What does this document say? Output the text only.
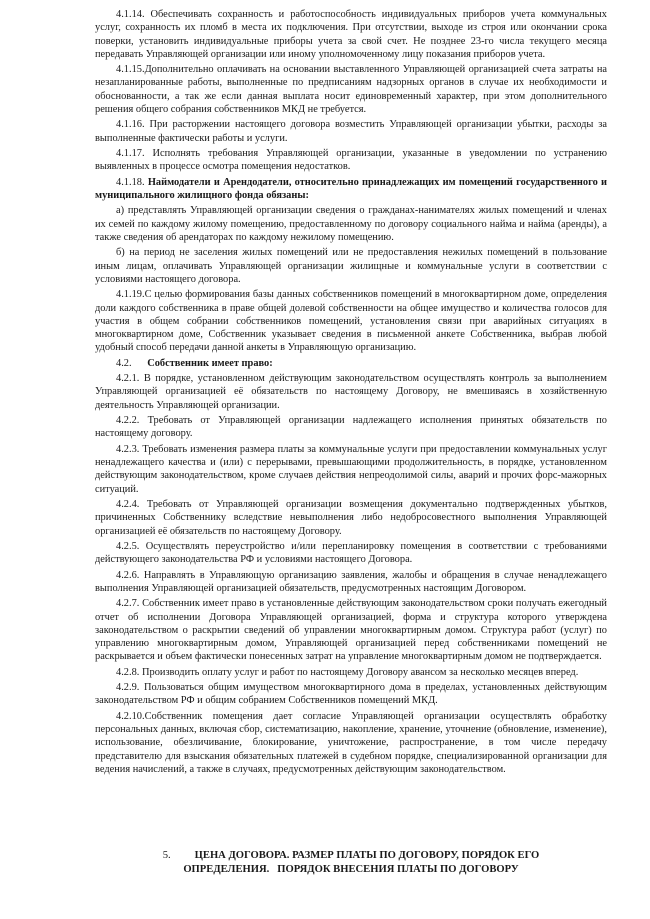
4.1.14. Обеспечивать сохранность и работоспособность индивидуальных приборов учета коммунальных услуг, сохранность их пломб в места их подключения. При отсутствии, выходе из строя или окончании срока поверки, установить индивидуальные приборы учета за свой счет. Не позднее 23-го числа текущего месяца передавать Управляющей организации или иному уполномоченному лицу показания приборов учета.

4.1.15.Дополнительно оплачивать на основании выставленного Управляющей организацией счета затраты на незапланированные работы, выполненные по предписаниям надзорных органов в случае их необходимости и обоснованности, а так же если данная выплата носит единовременный характер, при этом дополнительного решения общего собрания собственников МКД не требуется.

4.1.16. При расторжении настоящего договора возместить Управляющей организации убытки, расходы за выполненные фактически работы и услуги.

4.1.17. Исполнять требования Управляющей организации, указанные в уведомлении по устранению выявленных в процессе осмотра помещения недостатков.

4.1.18. Наймодатели и Арендодатели, относительно принадлежащих им помещений государственного и муниципального жилищного фонда обязаны:

а) представлять Управляющей организации сведения о гражданах-нанимателях жилых помещений и членах их семей по каждому жилому помещению, предоставленному по договору социального найма и найма (аренды), а также сведения об арендаторах по каждому нежилому помещению.

б) на период не заселения жилых помещений или не предоставления нежилых помещений в пользование иным лицам, оплачивать Управляющей организации жилищные и коммунальные услуги в соответствии с условиями настоящего договора.

4.1.19.С целью формирования базы данных собственников помещений в многоквартирном доме, определения доли каждого собственника в праве общей долевой собственности на общее имущество и количества голосов для участия в общем собрании собственников помещений, установления связи при аварийных ситуациях в многоквартирном доме, Собственник указывает сведения в письменной анкете Собственника, выбрав любой удобный способ передачи данной анкеты в Управляющую организацию.

4.2. Собственник имеет право:

4.2.1. В порядке, установленном действующим законодательством осуществлять контроль за выполнением Управляющей организацией её обязательств по настоящему Договору, не вмешиваясь в хозяйственную деятельность Управляющей организации.

4.2.2. Требовать от Управляющей организации надлежащего исполнения принятых обязательств по настоящему договору.

4.2.3. Требовать изменения размера платы за коммунальные услуги при предоставлении коммунальных услуг ненадлежащего качества и (или) с перерывами, превышающими продолжительность, в порядке, установленном действующим законодательством, кроме случаев действия непреодолимой силы, аварий и прочих форс-мажорных ситуаций.

4.2.4. Требовать от Управляющей организации возмещения документально подтвержденных убытков, причиненных Собственнику вследствие невыполнения либо недобросовестного выполнения Управляющей организацией её обязательств по настоящему Договору.

4.2.5. Осуществлять переустройство и/или перепланировку помещения в соответствии с требованиями действующего законодательства РФ и условиями настоящего Договора.

4.2.6. Направлять в Управляющую организацию заявления, жалобы и обращения в случае ненадлежащего выполнения Управляющей организацией обязательств, предусмотренных настоящим Договором.

4.2.7. Собственник имеет право в установленные действующим законодательством сроки получать ежегодный отчет об исполнении Договора Управляющей организацией, форма и структура которого утверждена законодательством о раскрытии сведений об управлении многоквартирным домом. Структура работ (услуг) по управлению многоквартирным домом, Управляющей организацией перед собственниками помещений не раскрывается и объем фактически понесенных затрат на управление многоквартирным домом не подтверждается.

4.2.8. Производить оплату услуг и работ по настоящему Договору авансом за несколько месяцев вперед.

4.2.9. Пользоваться общим имуществом многоквартирного дома в пределах, установленных действующим законодательством РФ и общим собранием Собственников помещений МКД.

4.2.10.Собственник помещения дает согласие Управляющей организации осуществлять обработку персональных данных, включая сбор, систематизацию, накопление, хранение, уточнение (обновление, изменение), использование, обезличивание, блокирование, уничтожение, распространение, в том числе передачу представителю для взыскания обязательных платежей в судебном порядке, специализированной организации для ведения начислений, а также в случаях, предусмотренных действующим законодательством.

5. ЦЕНА ДОГОВОРА. РАЗМЕР ПЛАТЫ ПО ДОГОВОРУ, ПОРЯДОК ЕГО
ОПРЕДЕЛЕНИЯ.   ПОРЯДОК ВНЕСЕНИЯ ПЛАТЫ ПО ДОГОВОРУ
